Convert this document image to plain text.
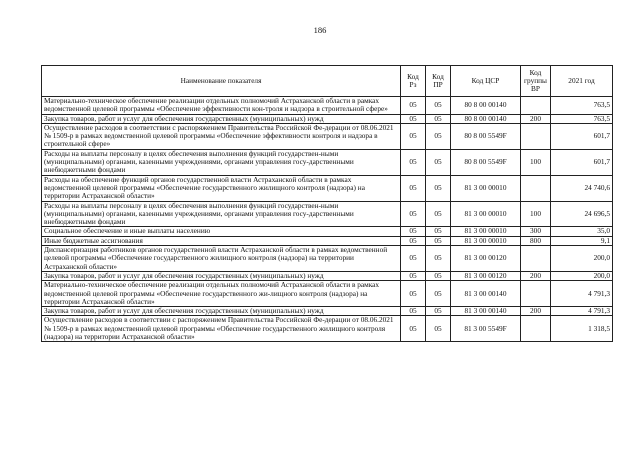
186
Наименование показателя	Код Рз	Код ПР	Код ЦСР	Код группы ВР	2021 год
Материально-техническое обеспечение реализации отдельных полномочий Астраханской области в рамках ведомственной целевой программы «Обеспечение эффективности кон-троля и надзора в строительной сфере»	05	05	80 8 00 00140		763,5
Закупка товаров, работ и услуг для обеспечения государственных (муниципальных) нужд	05	05	80 8 00 00140	200	763,5
Осуществление расходов в соответствии с распоряжением Правительства Российской Фе-дерации от 08.06.2021 № 1509-р в рамках ведомственной целевой программы «Обеспечение эффективности контроля и надзора в строительной сфере»	05	05	80 8 00 5549F		601,7
Расходы на выплаты персоналу в целях обеспечения выполнения функций государствен-ными (муниципальными) органами, казенными учреждениями, органами управления госу-дарственными внебюджетными фондами	05	05	80 8 00 5549F	100	601,7
Расходы на обеспечение функций органов государственной власти Астраханской области в рамках ведомственной целевой программы «Обеспечение государственного жилищного контроля (надзора) на территории Астраханской области»	05	05	81 3 00 00010		24 740,6
Расходы на выплаты персоналу в целях обеспечения выполнения функций государствен-ными (муниципальными) органами, казенными учреждениями, органами управления госу-дарственными внебюджетными фондами	05	05	81 3 00 00010	100	24 696,5
Социальное обеспечение и иные выплаты населению	05	05	81 3 00 00010	300	35,0
Иные бюджетные ассигнования	05	05	81 3 00 00010	800	9,1
Диспансеризация работников органов государственной власти Астраханской области в рамках ведомственной целевой программы «Обеспечение государственного жилищного контроля (надзора) на территории Астраханской области»	05	05	81 3 00 00120		200,0
Закупка товаров, работ и услуг для обеспечения государственных (муниципальных) нужд	05	05	81 3 00 00120	200	200,0
Материально-техническое обеспечение реализации отдельных полномочий Астраханской области в рамках ведомственной целевой программы «Обеспечение государственного жи-лищного контроля (надзора) на территории Астраханской области»	05	05	81 3 00 00140		4 791,3
Закупка товаров, работ и услуг для обеспечения государственных (муниципальных) нужд	05	05	81 3 00 00140	200	4 791,3
Осуществление расходов в соответствии с распоряжением Правительства Российской Фе-дерации от 08.06.2021 № 1509-р в рамках ведомственной целевой программы «Обеспечение государственного жилищного контроля (надзора) на территории Астраханской области»	05	05	81 3 00 5549F		1 318,5
